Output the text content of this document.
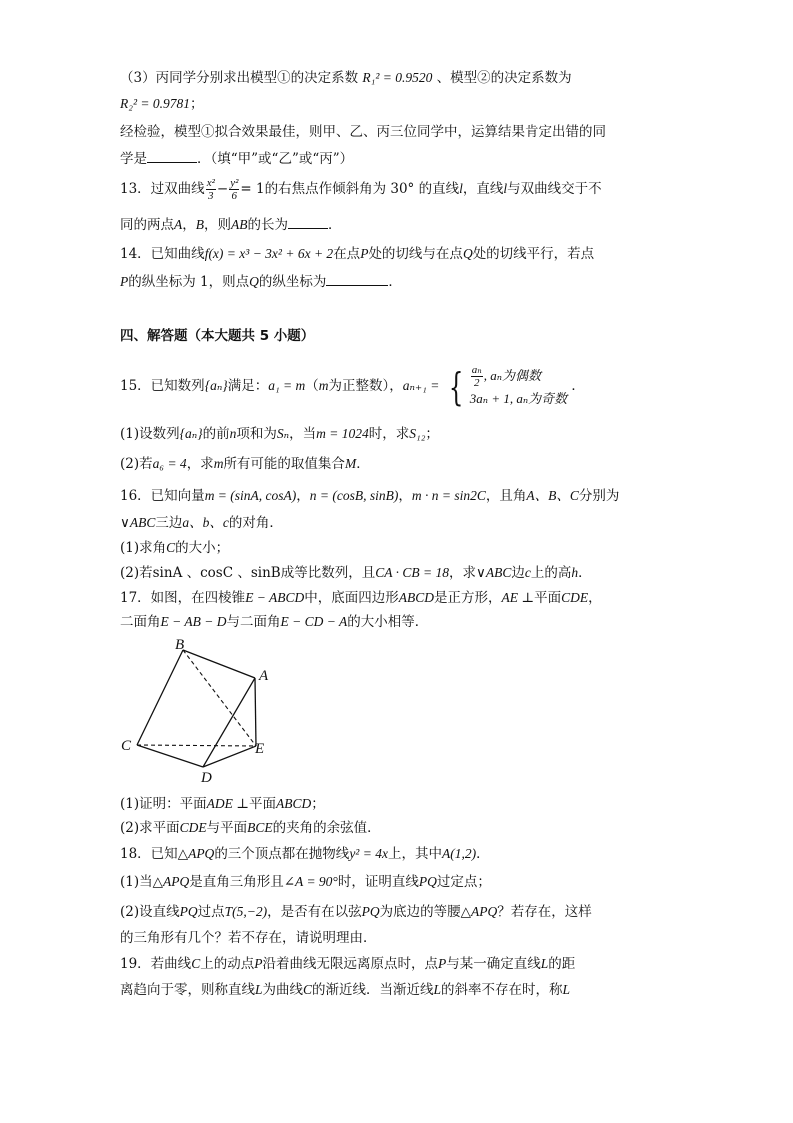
（3）丙同学分别求出模型①的决定系数 R₁² = 0.9520 、模型②的决定系数为
R₂² = 0.9781；
经检验，模型①拟合效果最佳，则甲、乙、丙三位同学中，运算结果肯定出错的同
学是	．（填“甲”或“乙”或“丙”）
13．过双曲线 $\frac{\text{x²}}{3} - \frac{\text{y²}}{6} = 1$的右焦点作倾斜角为 30° 的直线l，直线l与双曲线交于不
同的两点A，B，则AB的长为	．
14．已知曲线f(x) = x³ − 3x² + 6x + 2在点P处的切线与在点Q处的切线平行，若点
P的纵坐标为 1，则点Q的纵坐标为	．
四、解答题（本大题共 5 小题）
15．已知数列{aₙ}满足：a₁ = m（m为正整数），aₙ₊₁ = { $\frac{\text{aₙ}}{2}$ , aₙ为偶数
3aₙ + 1, aₙ为奇数
．
(1)设数列{aₙ}的前n项和为Sₙ，当m = 1024时，求S₁₂；
(2)若a₆ = 4，求m所有可能的取值集合M．
16．已知向量m = (sinA, cosA)，n = (cosB, sinB)，m · n = sin2C，且角A、B、C分别为
∨ABC三边a、b、c的对角．
(1)求角C的大小；
(2)若sinA 、cosC 、sinB成等比数列，且CA · CB = 18，求∨ABC边c上的高h．
17．如图，在四棱锥E − ABCD中，底面四边形ABCD是正方形，AE ⊥平面CDE，
二面角E − AB − D与二面角E − CD − A的大小相等．
B
A
C	E
D
(1)证明：平面ADE ⊥平面ABCD；
(2)求平面CDE与平面BCE的夹角的余弦值．
18．已知△APQ的三个顶点都在抛物线y² = 4x上，其中A(1,2)．
(1)当△APQ是直角三角形且∠A = 90°时，证明直线PQ过定点；
(2)设直线PQ过点T(5,−2)，是否有在以弦PQ为底边的等腰△APQ？若存在，这样
的三角形有几个？若不存在，请说明理由．
19．若曲线C上的动点P沿着曲线无限远离原点时，点P与某一确定直线L的距
离趋向于零，则称直线L为曲线C的渐近线．当渐近线L的斜率不存在时，称L
